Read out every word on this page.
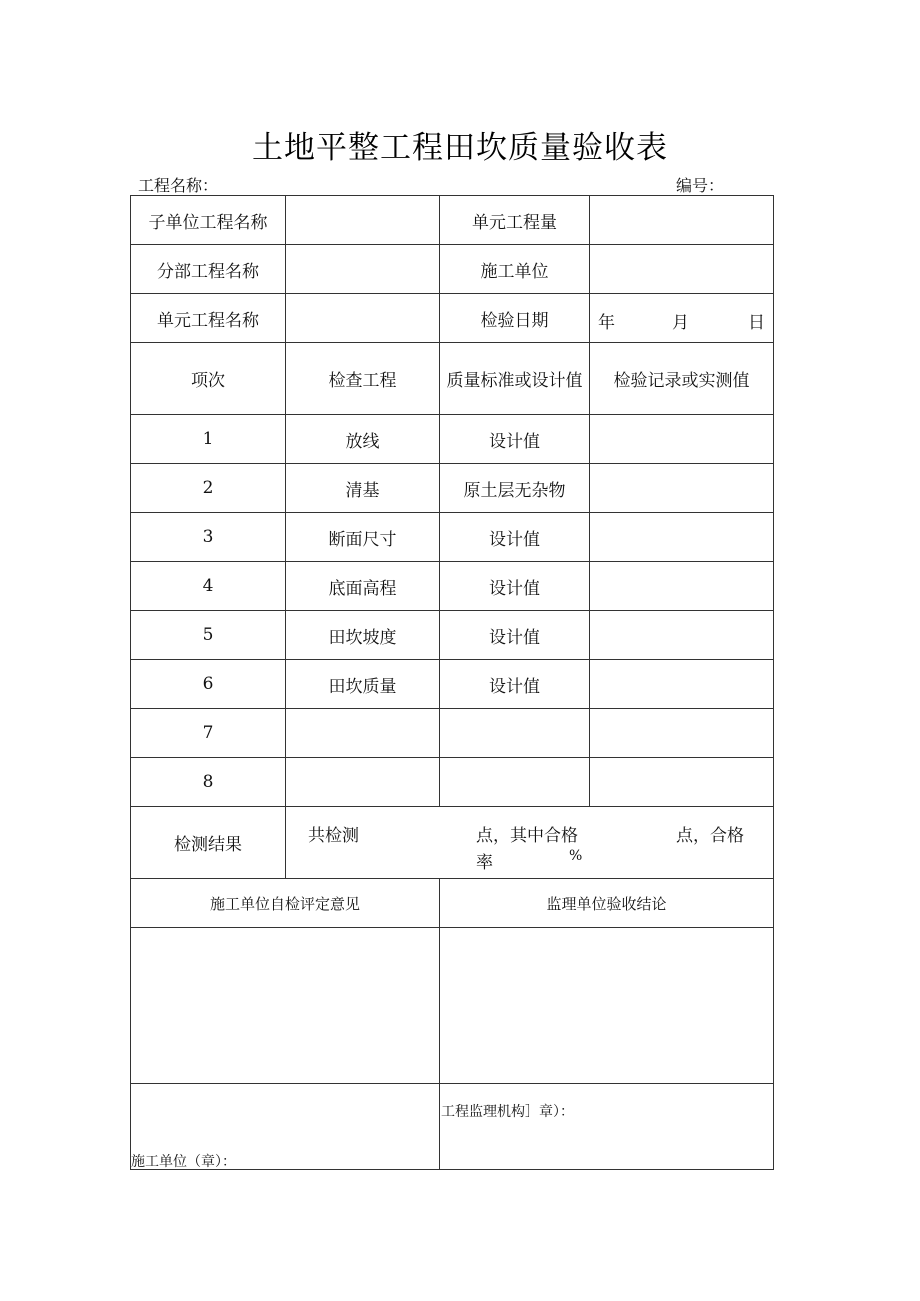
土地平整工程田坎质量验收表
工程名称：	编号：
子单位工程名称		单元工程量	
分部工程名称		施工单位	
单元工程名称		检验日期	年 月 日

项次	检查工程	质量标准或设计值	检验记录或实测值
1	放线	设计值	
2	清基	原土层无杂物	
3	断面尺寸	设计值	
4	底面高程	设计值	
5	田坎坡度	设计值	
6	田坎质量	设计值	
7			
8			
检测结果	共检测 点，其中合格 点，合格
率 %		

施工单位自检评定意见		监理单位验收结论	

施工单位（章）：		工程监理机构］章）：	
